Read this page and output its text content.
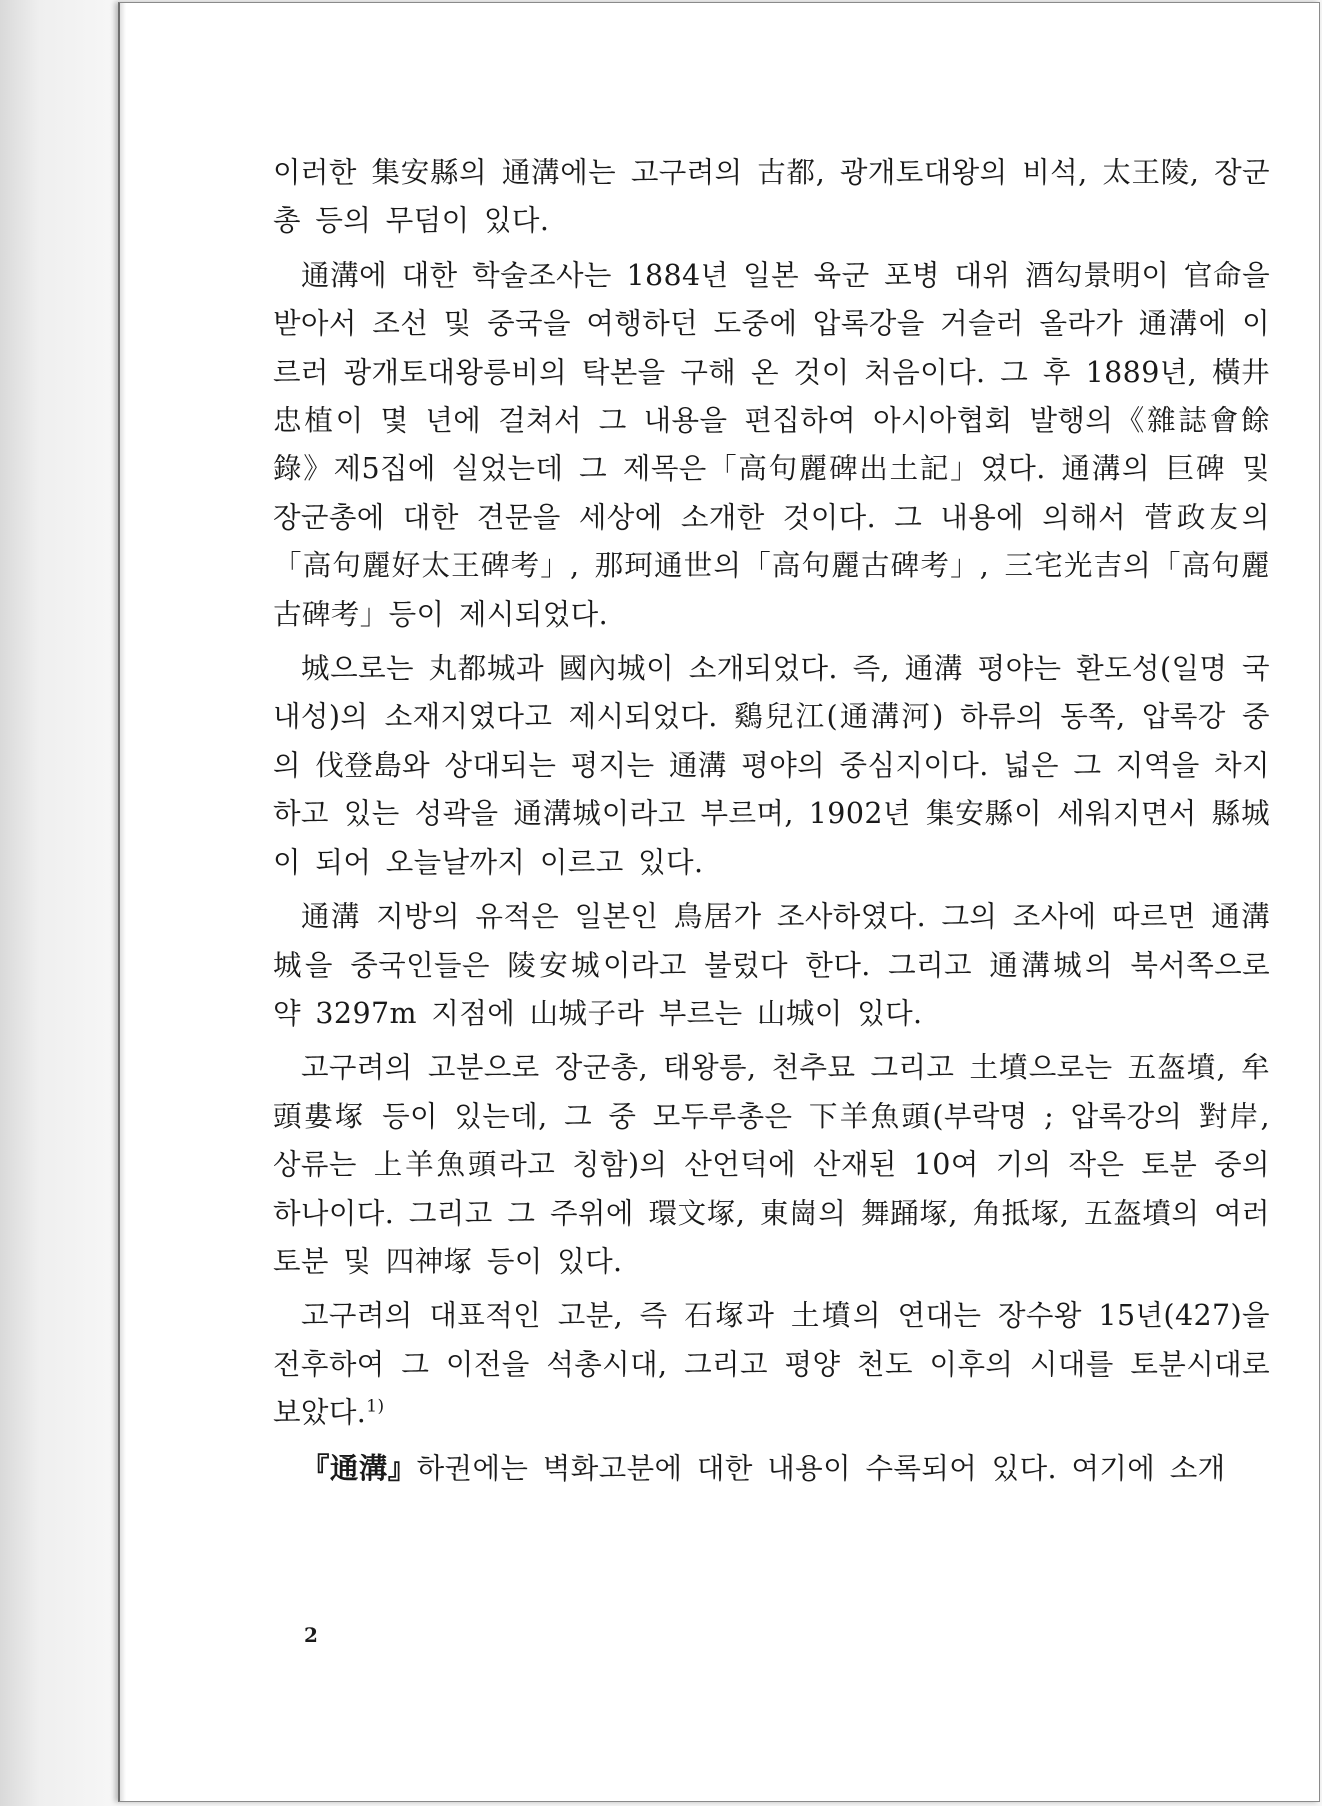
이러한 集安縣의 通溝에는 고구려의 古都, 광개토대왕의 비석, 太王陵, 장군총 등의 무덤이 있다.

通溝에 대한 학술조사는 1884년 일본 육군 포병 대위 酒勾景明이 官命을 받아서 조선 및 중국을 여행하던 도중에 압록강을 거슬러 올라가 通溝에 이르러 광개토대왕릉비의 탁본을 구해 온 것이 처음이다. 그 후 1889년, 橫井忠植이 몇 년에 걸쳐서 그 내용을 편집하여 아시아협회 발행의《雜誌會餘錄》제5집에 실었는데 그 제목은「高句麗碑出土記」였다. 通溝의 巨碑 및 장군총에 대한 견문을 세상에 소개한 것이다. 그 내용에 의해서 菅政友의「高句麗好太王碑考」, 那珂通世의「高句麗古碑考」, 三宅光吉의「高句麗古碑考」등이 제시되었다.

城으로는 丸都城과 國內城이 소개되었다. 즉, 通溝 평야는 환도성(일명 국내성)의 소재지였다고 제시되었다. 鷄兒江(通溝河) 하류의 동쪽, 압록강 중의 伐登島와 상대되는 평지는 通溝 평야의 중심지이다. 넓은 그 지역을 차지하고 있는 성곽을 通溝城이라고 부르며, 1902년 集安縣이 세워지면서 縣城이 되어 오늘날까지 이르고 있다.

通溝 지방의 유적은 일본인 鳥居가 조사하였다. 그의 조사에 따르면 通溝城을 중국인들은 陵安城이라고 불렀다 한다. 그리고 通溝城의 북서쪽으로 약 3297m 지점에 山城子라 부르는 山城이 있다.

고구려의 고분으로 장군총, 태왕릉, 천추묘 그리고 土墳으로는 五盔墳, 牟頭婁塚 등이 있는데, 그 중 모두루총은 下羊魚頭(부락명 ; 압록강의 對岸, 상류는 上羊魚頭라고 칭함)의 산언덕에 산재된 10여 기의 작은 토분 중의 하나이다. 그리고 그 주위에 環文塚, 東崗의 舞踊塚, 角抵塚, 五盔墳의 여러 토분 및 四神塚 등이 있다.

고구려의 대표적인 고분, 즉 石塚과 土墳의 연대는 장수왕 15년(427)을 전후하여 그 이전을 석총시대, 그리고 평양 천도 이후의 시대를 토분시대로 보았다.$^{1)}$

『通溝』하권에는 벽화고분에 대한 내용이 수록되어 있다. 여기에 소개

2
